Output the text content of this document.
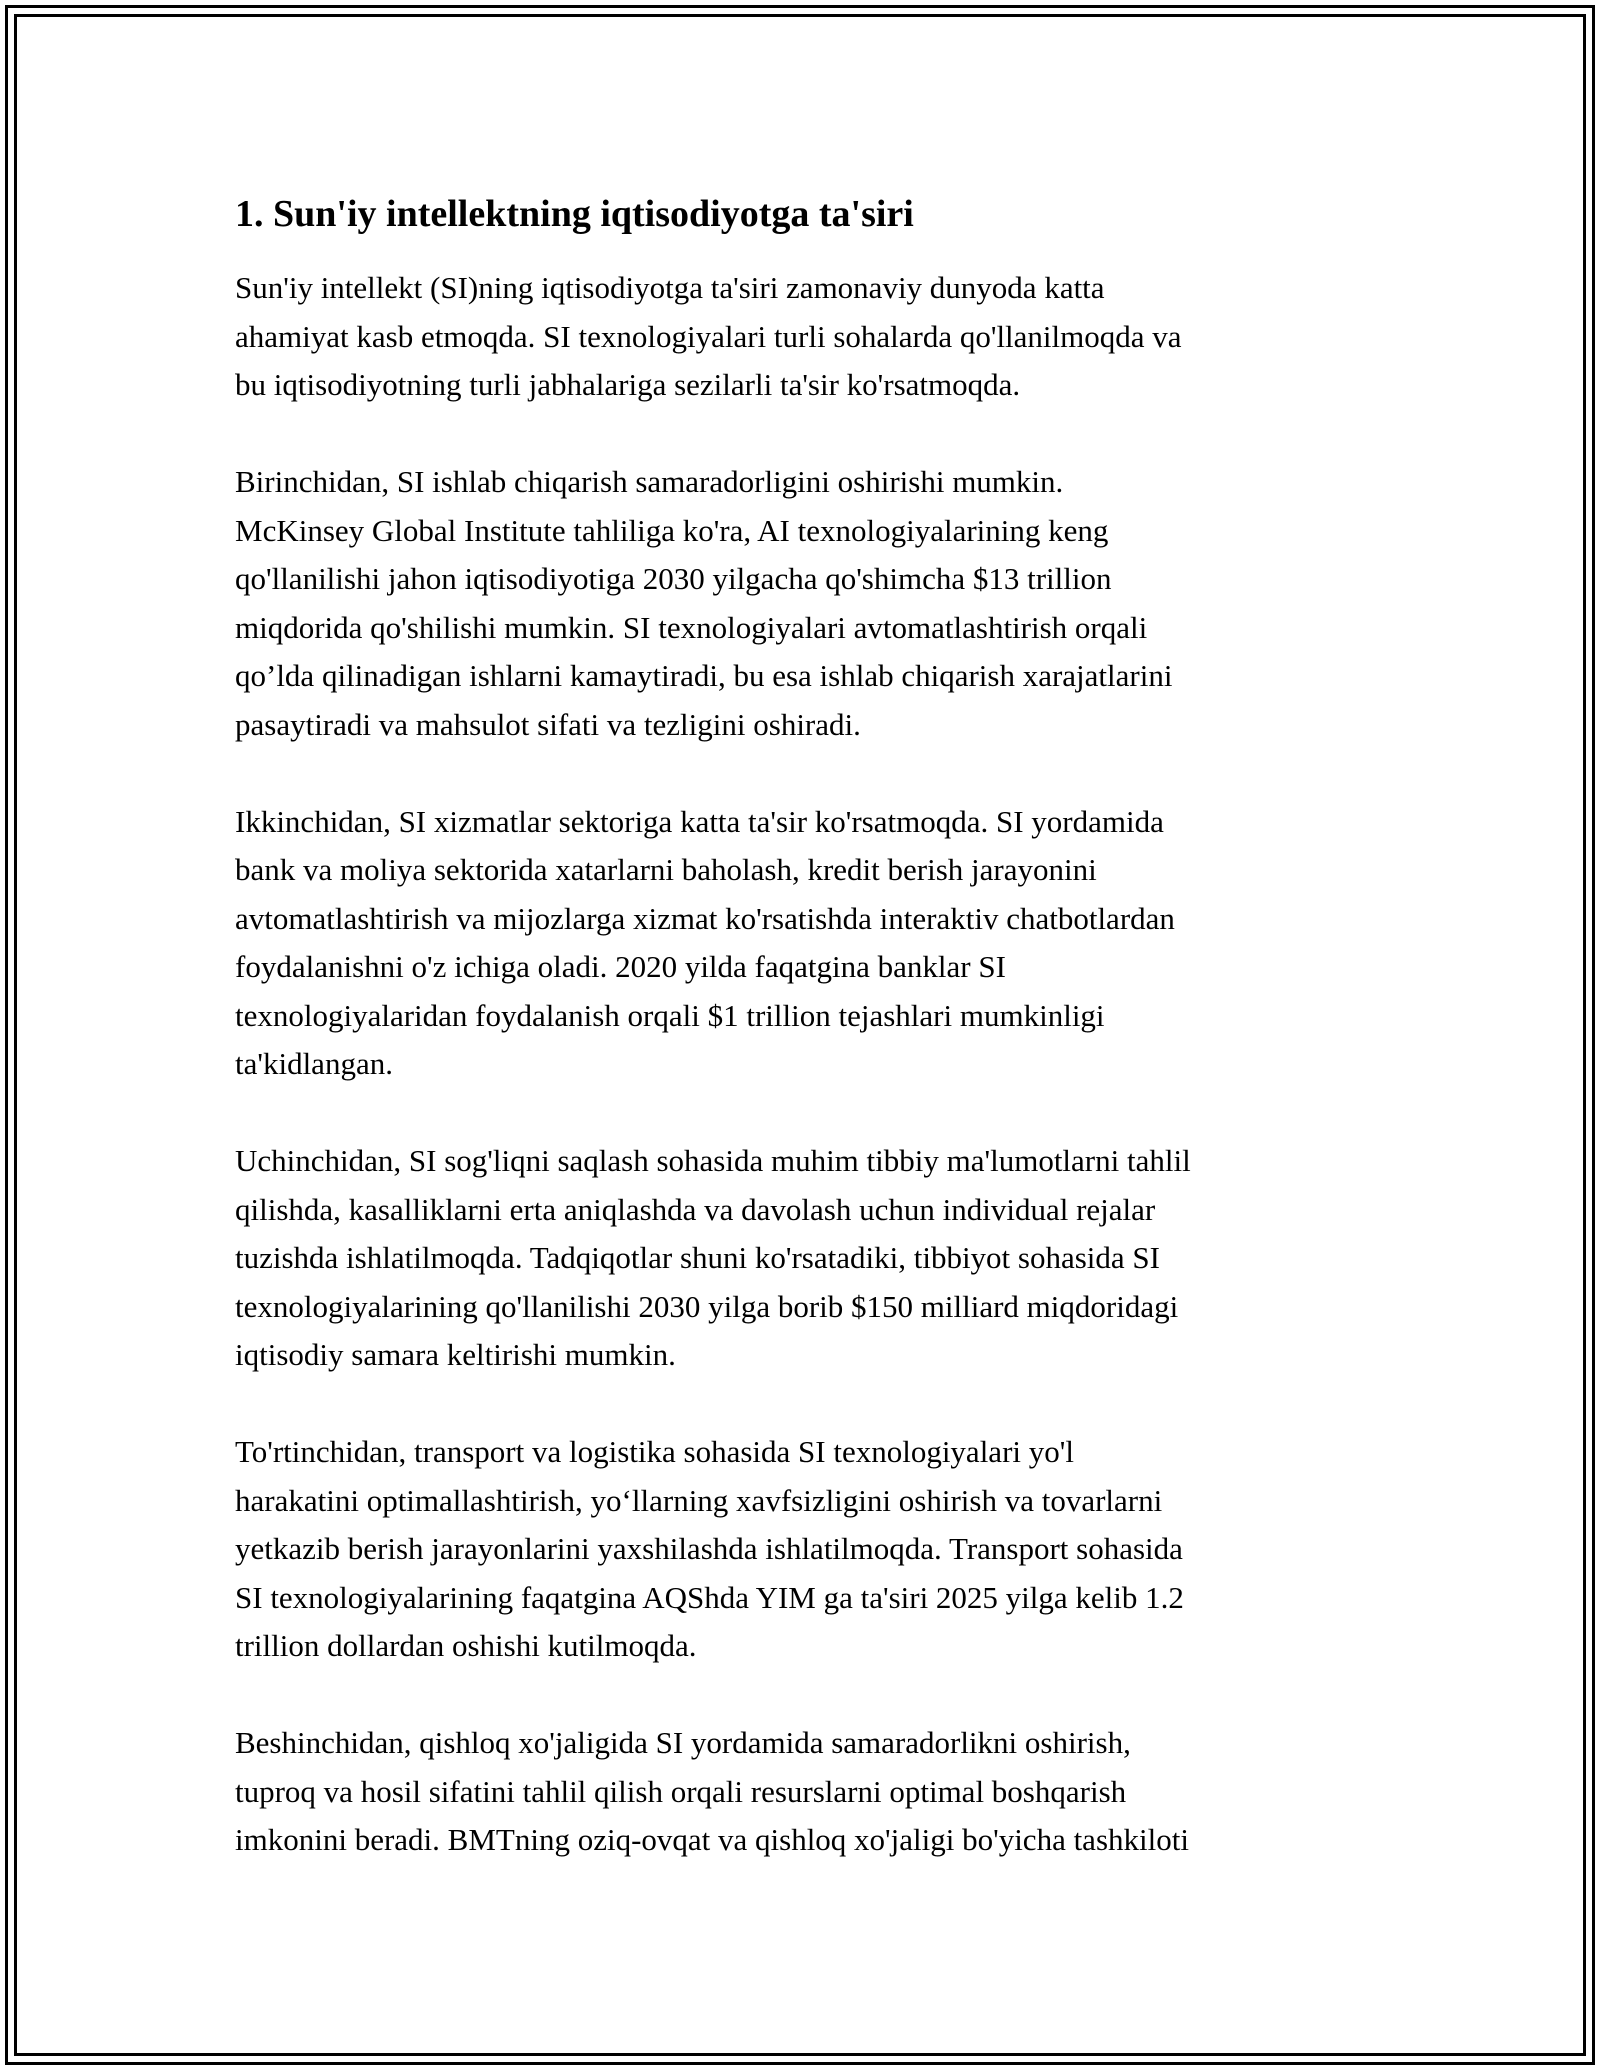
1. Sun'iy intellektning iqtisodiyotga ta'siri

Sun'iy intellekt (SI)ning iqtisodiyotga ta'siri zamonaviy dunyoda katta
ahamiyat kasb etmoqda. SI texnologiyalari turli sohalarda qo'llanilmoqda va
bu iqtisodiyotning turli jabhalariga sezilarli ta'sir ko'rsatmoqda.

Birinchidan, SI ishlab chiqarish samaradorligini oshirishi mumkin.
McKinsey Global Institute tahliliga ko'ra, AI texnologiyalarining keng
qo'llanilishi jahon iqtisodiyotiga 2030 yilgacha qo'shimcha $13 trillion
miqdorida qo'shilishi mumkin. SI texnologiyalari avtomatlashtirish orqali
qo’lda qilinadigan ishlarni kamaytiradi, bu esa ishlab chiqarish xarajatlarini
pasaytiradi va mahsulot sifati va tezligini oshiradi.

Ikkinchidan, SI xizmatlar sektoriga katta ta'sir ko'rsatmoqda. SI yordamida
bank va moliya sektorida xatarlarni baholash, kredit berish jarayonini
avtomatlashtirish va mijozlarga xizmat ko'rsatishda interaktiv chatbotlardan
foydalanishni o'z ichiga oladi. 2020 yilda faqatgina banklar SI
texnologiyalaridan foydalanish orqali $1 trillion tejashlari mumkinligi
ta'kidlangan.

Uchinchidan, SI sog'liqni saqlash sohasida muhim tibbiy ma'lumotlarni tahlil
qilishda, kasalliklarni erta aniqlashda va davolash uchun individual rejalar
tuzishda ishlatilmoqda. Tadqiqotlar shuni ko'rsatadiki, tibbiyot sohasida SI
texnologiyalarining qo'llanilishi 2030 yilga borib $150 milliard miqdoridagi
iqtisodiy samara keltirishi mumkin.

To'rtinchidan, transport va logistika sohasida SI texnologiyalari yo'l
harakatini optimallashtirish, yo‘llarning xavfsizligini oshirish va tovarlarni
yetkazib berish jarayonlarini yaxshilashda ishlatilmoqda. Transport sohasida
SI texnologiyalarining faqatgina AQShda YIM ga ta'siri 2025 yilga kelib 1.2
trillion dollardan oshishi kutilmoqda.

Beshinchidan, qishloq xo'jaligida SI yordamida samaradorlikni oshirish,
tuproq va hosil sifatini tahlil qilish orqali resurslarni optimal boshqarish
imkonini beradi. BMTning oziq-ovqat va qishloq xo'jaligi bo'yicha tashkiloti
